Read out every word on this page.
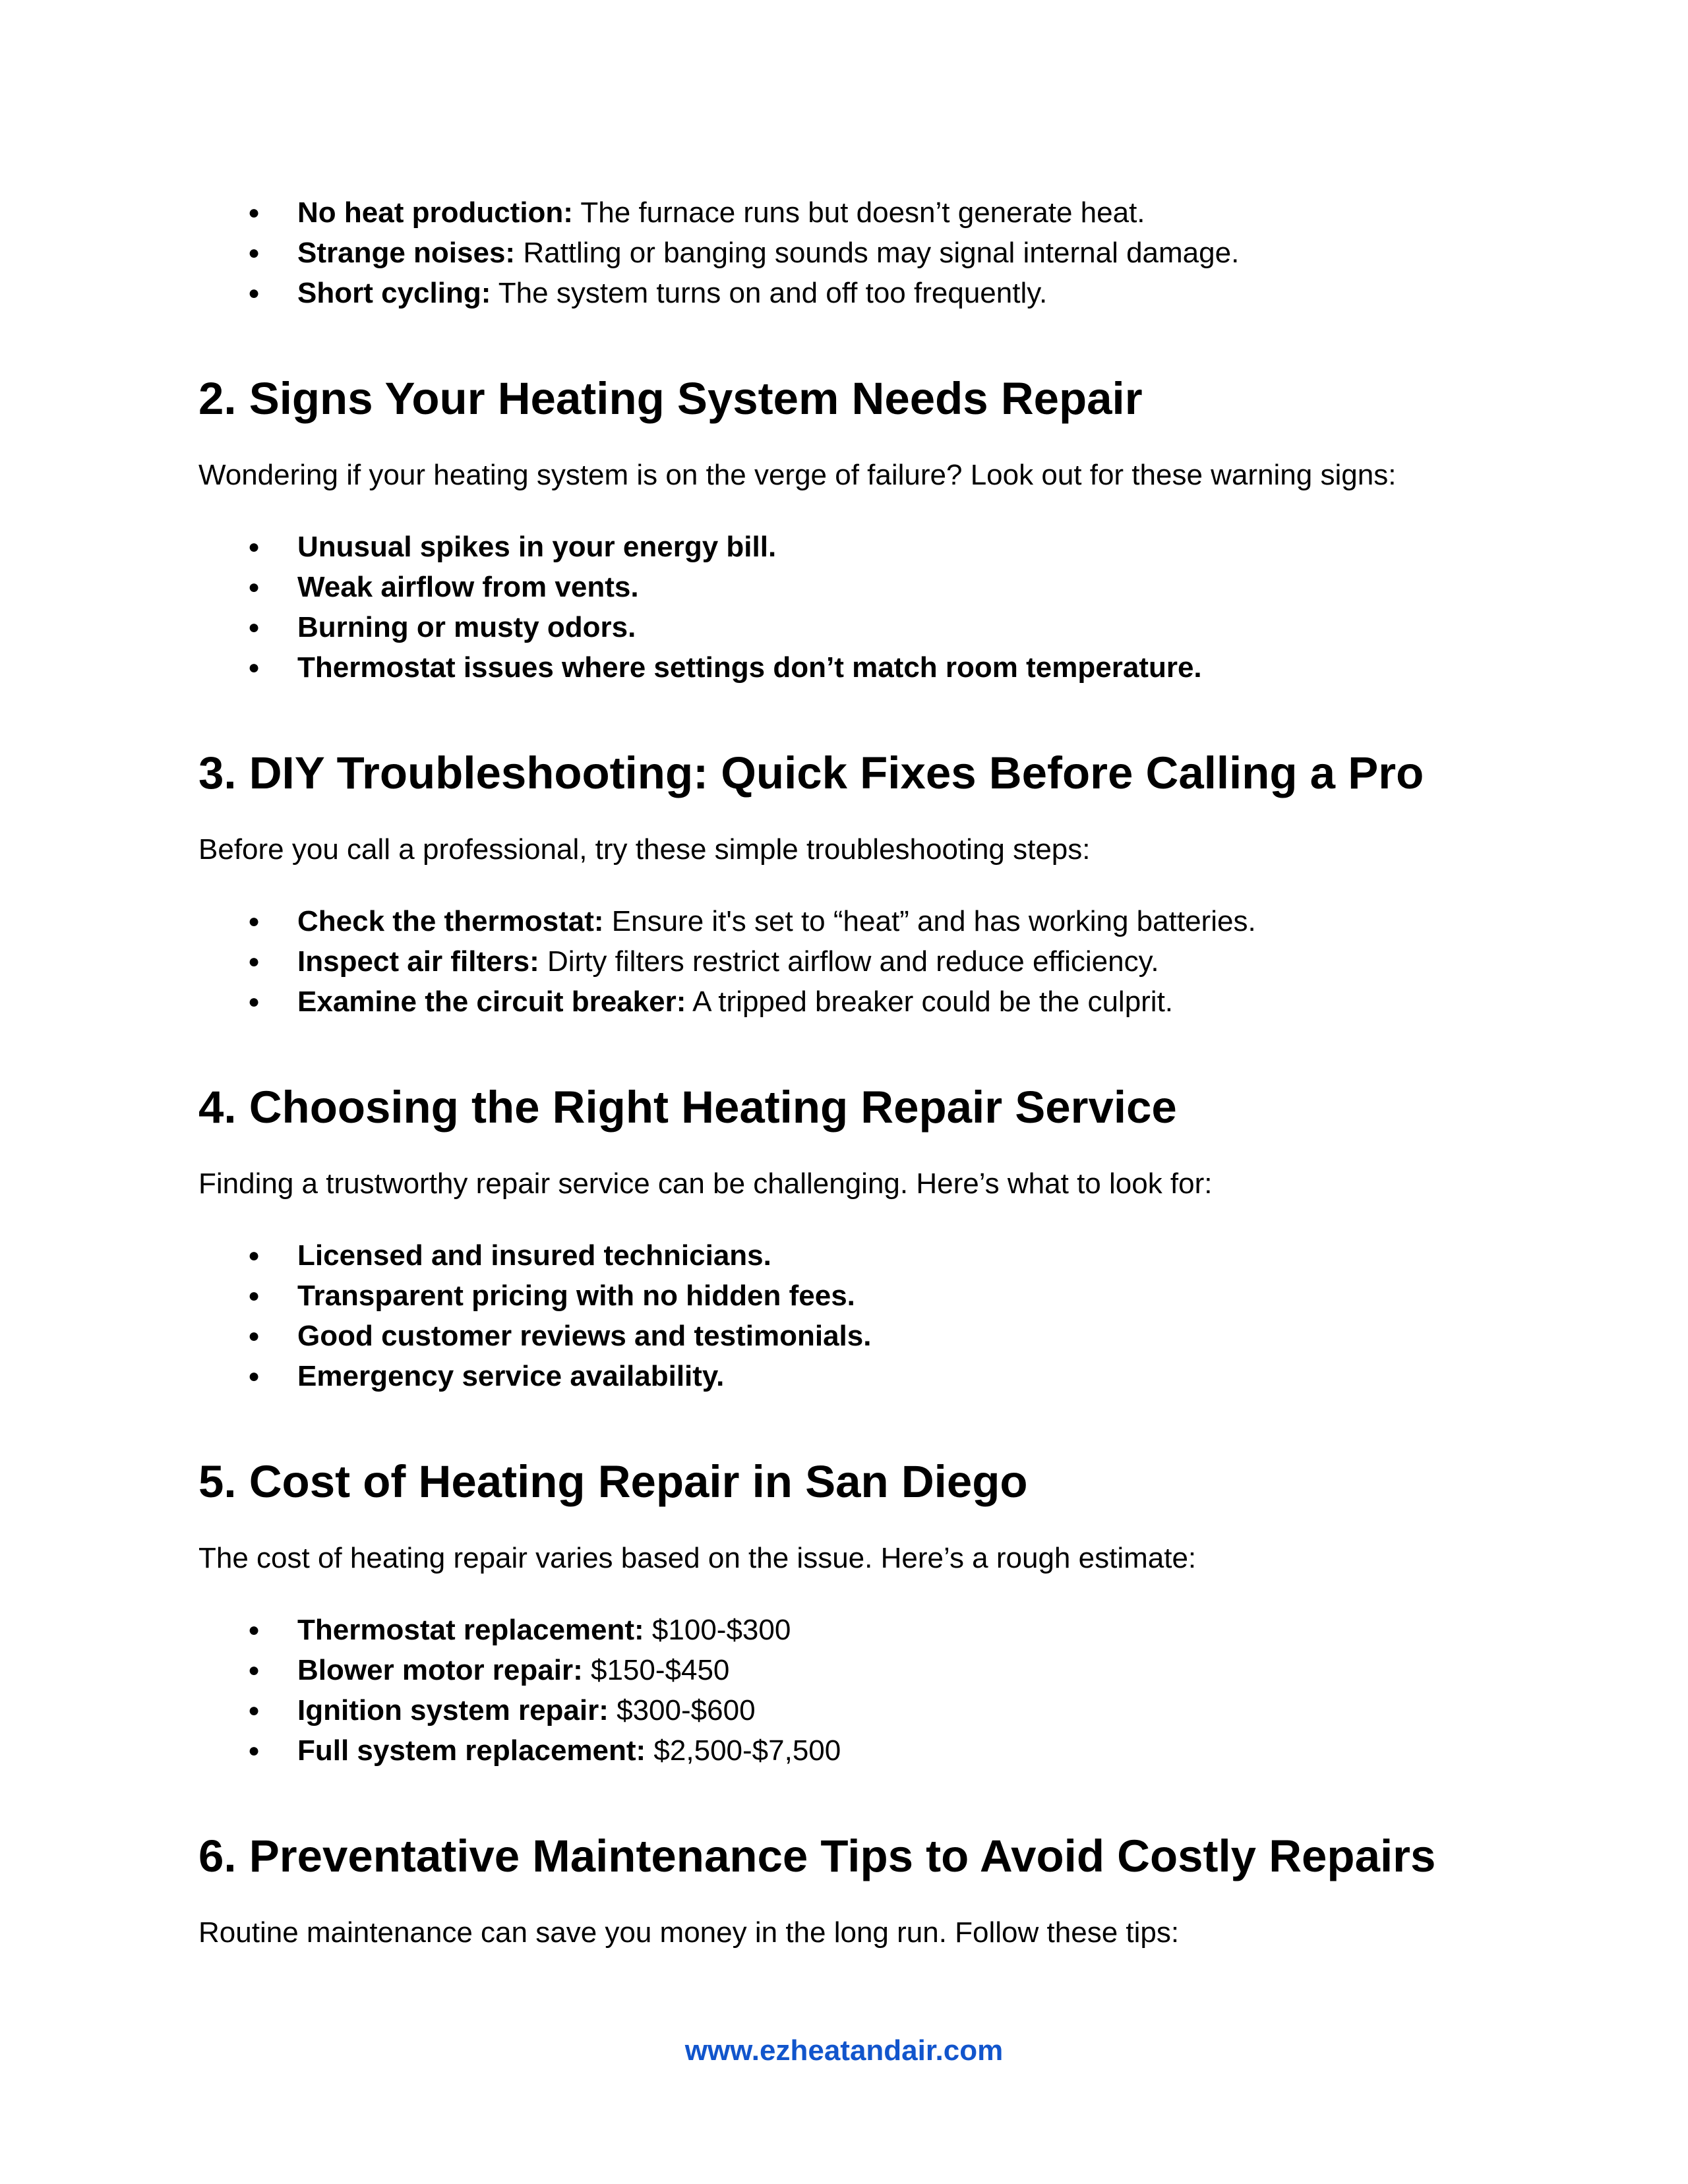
● No heat production: The furnace runs but doesn’t generate heat.
● Strange noises: Rattling or banging sounds may signal internal damage.
● Short cycling: The system turns on and off too frequently.
2. Signs Your Heating System Needs Repair

Wondering if your heating system is on the verge of failure? Look out for these warning signs:

● Unusual spikes in your energy bill.
● Weak airflow from vents.
● Burning or musty odors.
● Thermostat issues where settings don’t match room temperature.
3. DIY Troubleshooting: Quick Fixes Before Calling a Pro

Before you call a professional, try these simple troubleshooting steps:

● Check the thermostat: Ensure it's set to “heat” and has working batteries.
● Inspect air filters: Dirty filters restrict airflow and reduce efficiency.
● Examine the circuit breaker: A tripped breaker could be the culprit.
4. Choosing the Right Heating Repair Service

Finding a trustworthy repair service can be challenging. Here’s what to look for:

● Licensed and insured technicians.
● Transparent pricing with no hidden fees.
● Good customer reviews and testimonials.
● Emergency service availability.
5. Cost of Heating Repair in San Diego

The cost of heating repair varies based on the issue. Here’s a rough estimate:

● Thermostat replacement: $100-$300
● Blower motor repair: $150-$450
● Ignition system repair: $300-$600
● Full system replacement: $2,500-$7,500
6. Preventative Maintenance Tips to Avoid Costly Repairs

Routine maintenance can save you money in the long run. Follow these tips:

www.ezheatandair.com
